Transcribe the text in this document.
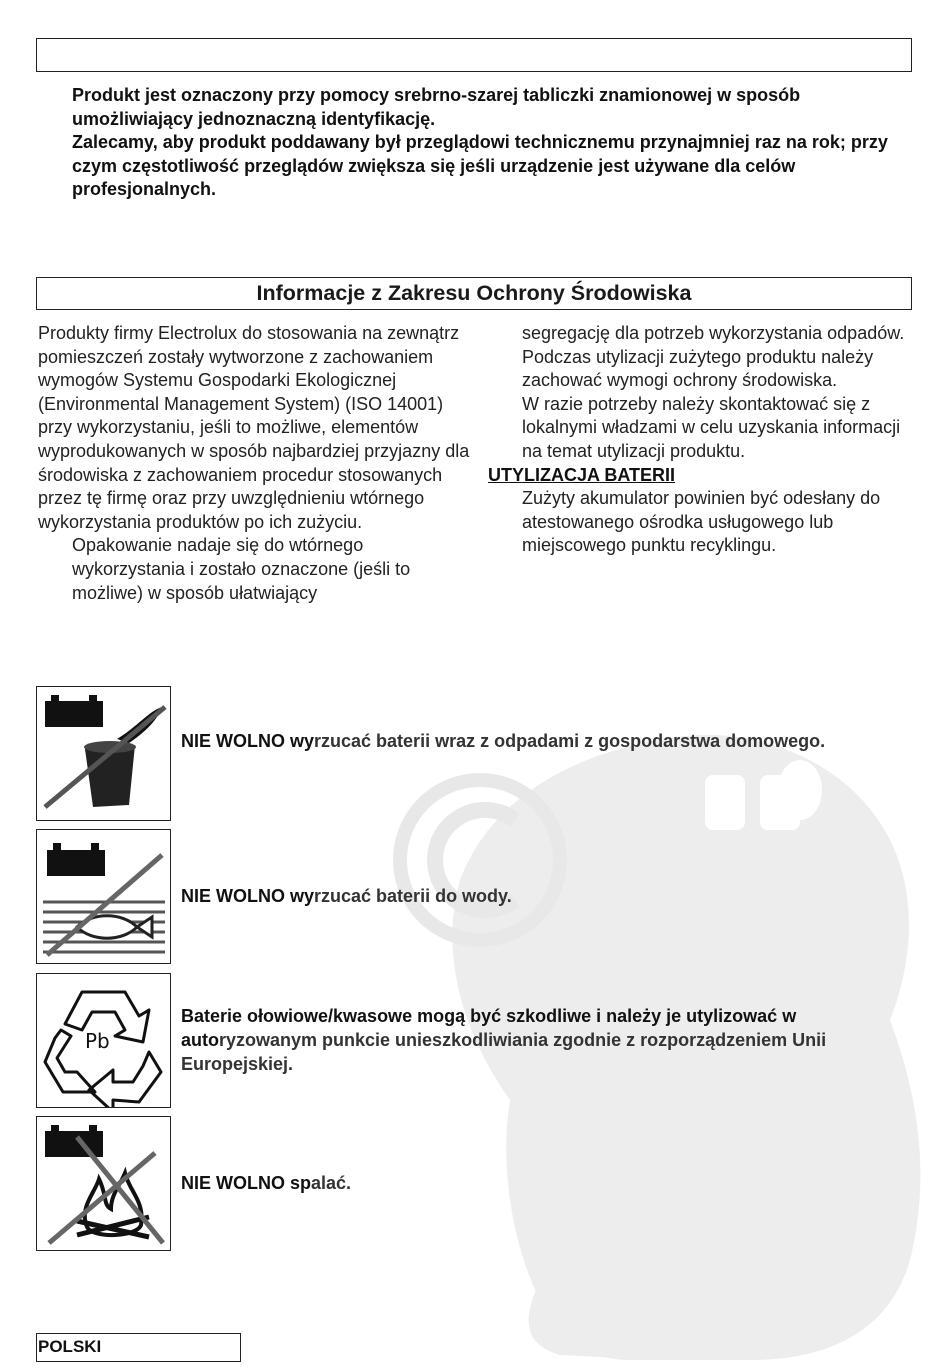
Produkt jest oznaczony przy pomocy srebrno-szarej tabliczki znamionowej w sposób umożliwiający jednoznaczną identyfikację.

Zalecamy, aby produkt poddawany był przeglądowi technicznemu przynajmniej raz na rok; przy czym częstotliwość przeglądów zwiększa się jeśli urządzenie jest używane dla celów profesjonalnych.

Informacje z Zakresu Ochrony Środowiska

Produkty firmy Electrolux do stosowania na zewnątrz pomieszczeń zostały wytworzone z zachowaniem wymogów Systemu Gospodarki Ekologicznej (Environmental Management System) (ISO 14001) przy wykorzystaniu, jeśli to możliwe, elementów wyprodukowanych w sposób najbardziej przyjazny dla środowiska z zachowaniem procedur stosowanych przez tę firmę oraz przy uwzględnieniu wtórnego wykorzystania produktów po ich zużyciu.

Opakowanie nadaje się do wtórnego wykorzystania i zostało oznaczone (jeśli to możliwe) w sposób ułatwiający

segregację dla potrzeb wykorzystania odpadów.

Podczas utylizacji zużytego produktu należy zachować wymogi ochrony środowiska.

W razie potrzeby należy skontaktować się z lokalnymi władzami w celu uzyskania informacji na temat utylizacji produktu.

UTYLIZACJA BATERII

Zużyty akumulator powinien być odesłany do atestowanego ośrodka usługowego lub miejscowego punktu recyklingu.

NIE WOLNO wyrzucać baterii wraz z odpadami z gospodarstwa domowego.
NIE WOLNO wyrzucać baterii do wody.
Pb
Baterie ołowiowe/kwasowe mogą być szkodliwe i należy je utylizować w autoryzowanym punkcie unieszkodliwiania zgodnie z rozporządzeniem Unii Europejskiej.
NIE WOLNO spalać.
POLSKI
